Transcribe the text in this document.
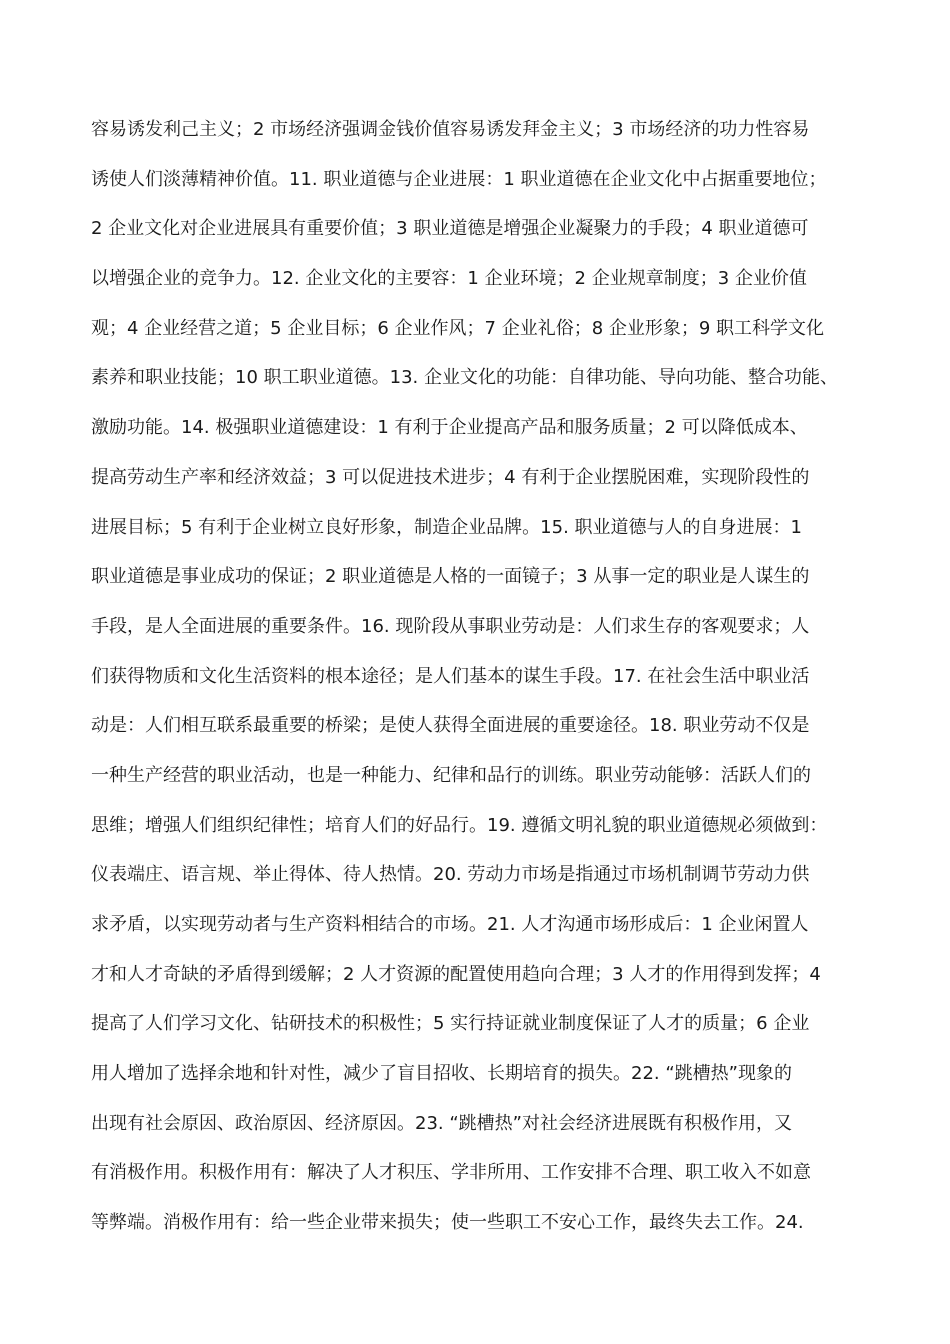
容易诱发利己主义；2 市场经济强调金钱价值容易诱发拜金主义；3 市场经济的功力性容易
诱使人们淡薄精神价值。11. 职业道德与企业进展：1 职业道德在企业文化中占据重要地位；
2 企业文化对企业进展具有重要价值；3 职业道德是增强企业凝聚力的手段；4 职业道德可
以增强企业的竞争力。12. 企业文化的主要容：1 企业环境；2 企业规章制度；3 企业价值
观；4 企业经营之道；5 企业目标；6 企业作风；7 企业礼俗；8 企业形象；9 职工科学文化
素养和职业技能；10 职工职业道德。13. 企业文化的功能：自律功能、导向功能、整合功能、
激励功能。14. 极强职业道德建设：1 有利于企业提高产品和服务质量；2 可以降低成本、
提高劳动生产率和经济效益；3 可以促进技术进步；4 有利于企业摆脱困难，实现阶段性的
进展目标；5 有利于企业树立良好形象，制造企业品牌。15. 职业道德与人的自身进展：1
职业道德是事业成功的保证；2 职业道德是人格的一面镜子；3 从事一定的职业是人谋生的
手段，是人全面进展的重要条件。16. 现阶段从事职业劳动是：人们求生存的客观要求；人
们获得物质和文化生活资料的根本途径；是人们基本的谋生手段。17. 在社会生活中职业活
动是：人们相互联系最重要的桥梁；是使人获得全面进展的重要途径。18. 职业劳动不仅是
一种生产经营的职业活动，也是一种能力、纪律和品行的训练。职业劳动能够：活跃人们的
思维；增强人们组织纪律性；培育人们的好品行。19. 遵循文明礼貌的职业道德规必须做到：
仪表端庄、语言规、举止得体、待人热情。20. 劳动力市场是指通过市场机制调节劳动力供
求矛盾，以实现劳动者与生产资料相结合的市场。21. 人才沟通市场形成后：1 企业闲置人
才和人才奇缺的矛盾得到缓解；2 人才资源的配置使用趋向合理；3 人才的作用得到发挥；4
提高了人们学习文化、钻研技术的积极性；5 实行持证就业制度保证了人才的质量；6 企业
用人增加了选择余地和针对性，减少了盲目招收、长期培育的损失。22. “跳槽热”现象的
出现有社会原因、政治原因、经济原因。23. “跳槽热”对社会经济进展既有积极作用，又
有消极作用。积极作用有：解决了人才积压、学非所用、工作安排不合理、职工收入不如意
等弊端。消极作用有：给一些企业带来损失；使一些职工不安心工作，最终失去工作。24.
